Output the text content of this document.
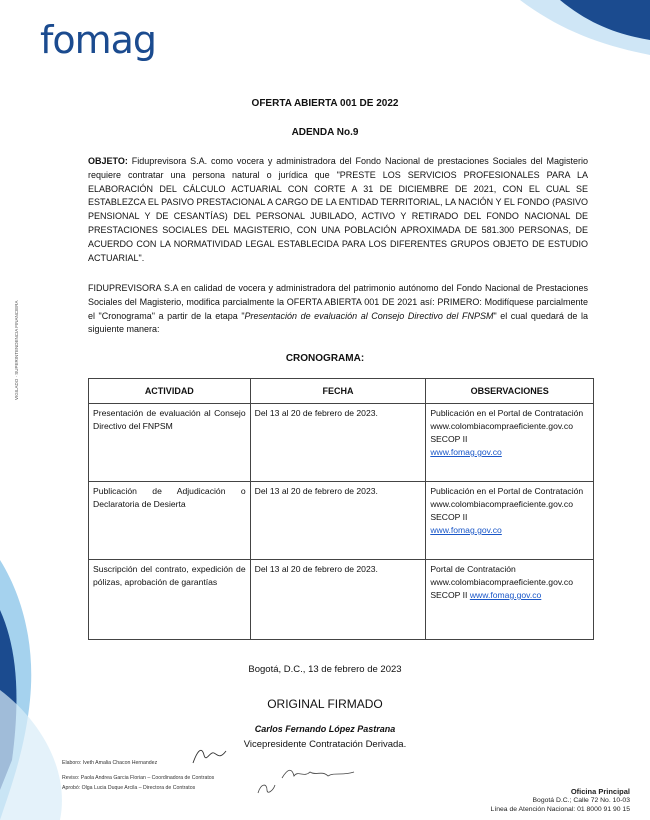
fomag
VIGILADO · SUPERINTENDENCIA FINANCIERA
OFERTA ABIERTA 001 DE 2022
ADENDA No.9
OBJETO: Fiduprevisora S.A. como vocera y administradora del Fondo Nacional de prestaciones Sociales del Magisterio requiere contratar una persona natural o jurídica que "PRESTE LOS SERVICIOS PROFESIONALES PARA LA ELABORACIÓN DEL CÁLCULO ACTUARIAL CON CORTE A 31 DE DICIEMBRE DE 2021, CON EL CUAL SE ESTABLEZCA EL PASIVO PRESTACIONAL A CARGO DE LA ENTIDAD TERRITORIAL, LA NACIÓN Y EL FONDO (PASIVO PENSIONAL Y DE CESANTÍAS) DEL PERSONAL JUBILADO, ACTIVO Y RETIRADO DEL FONDO NACIONAL DE PRESTACIONES SOCIALES DEL MAGISTERIO, CON UNA POBLACIÓN APROXIMADA DE 581.300 PERSONAS, DE ACUERDO CON LA NORMATIVIDAD LEGAL ESTABLECIDA PARA LOS DIFERENTES GRUPOS OBJETO DE ESTUDIO ACTUARIAL".
FIDUPREVISORA S.A en calidad de vocera y administradora del patrimonio autónomo del Fondo Nacional de Prestaciones Sociales del Magisterio, modifica parcialmente la OFERTA ABIERTA 001 DE 2021 así: PRIMERO: Modifíquese parcialmente el "Cronograma" a partir de la etapa "Presentación de evaluación al Consejo Directivo del FNPSM" el cual quedará de la siguiente manera:
CRONOGRAMA:
ACTIVIDAD	FECHA	OBSERVACIONES
Presentación de evaluación al Consejo Directivo del FNPSM	Del 13 al 20 de febrero de 2023.	Publicación en el Portal de Contratación www.colombiacompraeficiente.gov.co SECOP II
www.fomag.gov.co

Publicación de Adjudicación o Declaratoria de Desierta	Del 13 al 20 de febrero de 2023.	Publicación en el Portal de Contratación www.colombiacompraeficiente.gov.co SECOP II
www.fomag.gov.co

Suscripción del contrato, expedición de pólizas, aprobación de garantías	Del 13 al 20 de febrero de 2023.	Portal de Contratación www.colombiacompraeficiente.gov.co SECOP II www.fomag.gov.co
Bogotá, D.C., 13 de febrero de 2023
ORIGINAL FIRMADO
Carlos Fernando López Pastrana
Vicepresidente Contratación Derivada.
Elaboro: Iveth Amalia Chacon Hernandez
Reviso: Paola Andrea Garcia Florian – Coordinadora de Contratos
Aprobó: Olga Lucia Duque Arcila – Directora de Contratos	Oficina Principal
Bogotá D.C.; Calle 72 No. 10-03
Línea de Atención Nacional: 01 8000 91 90 15
